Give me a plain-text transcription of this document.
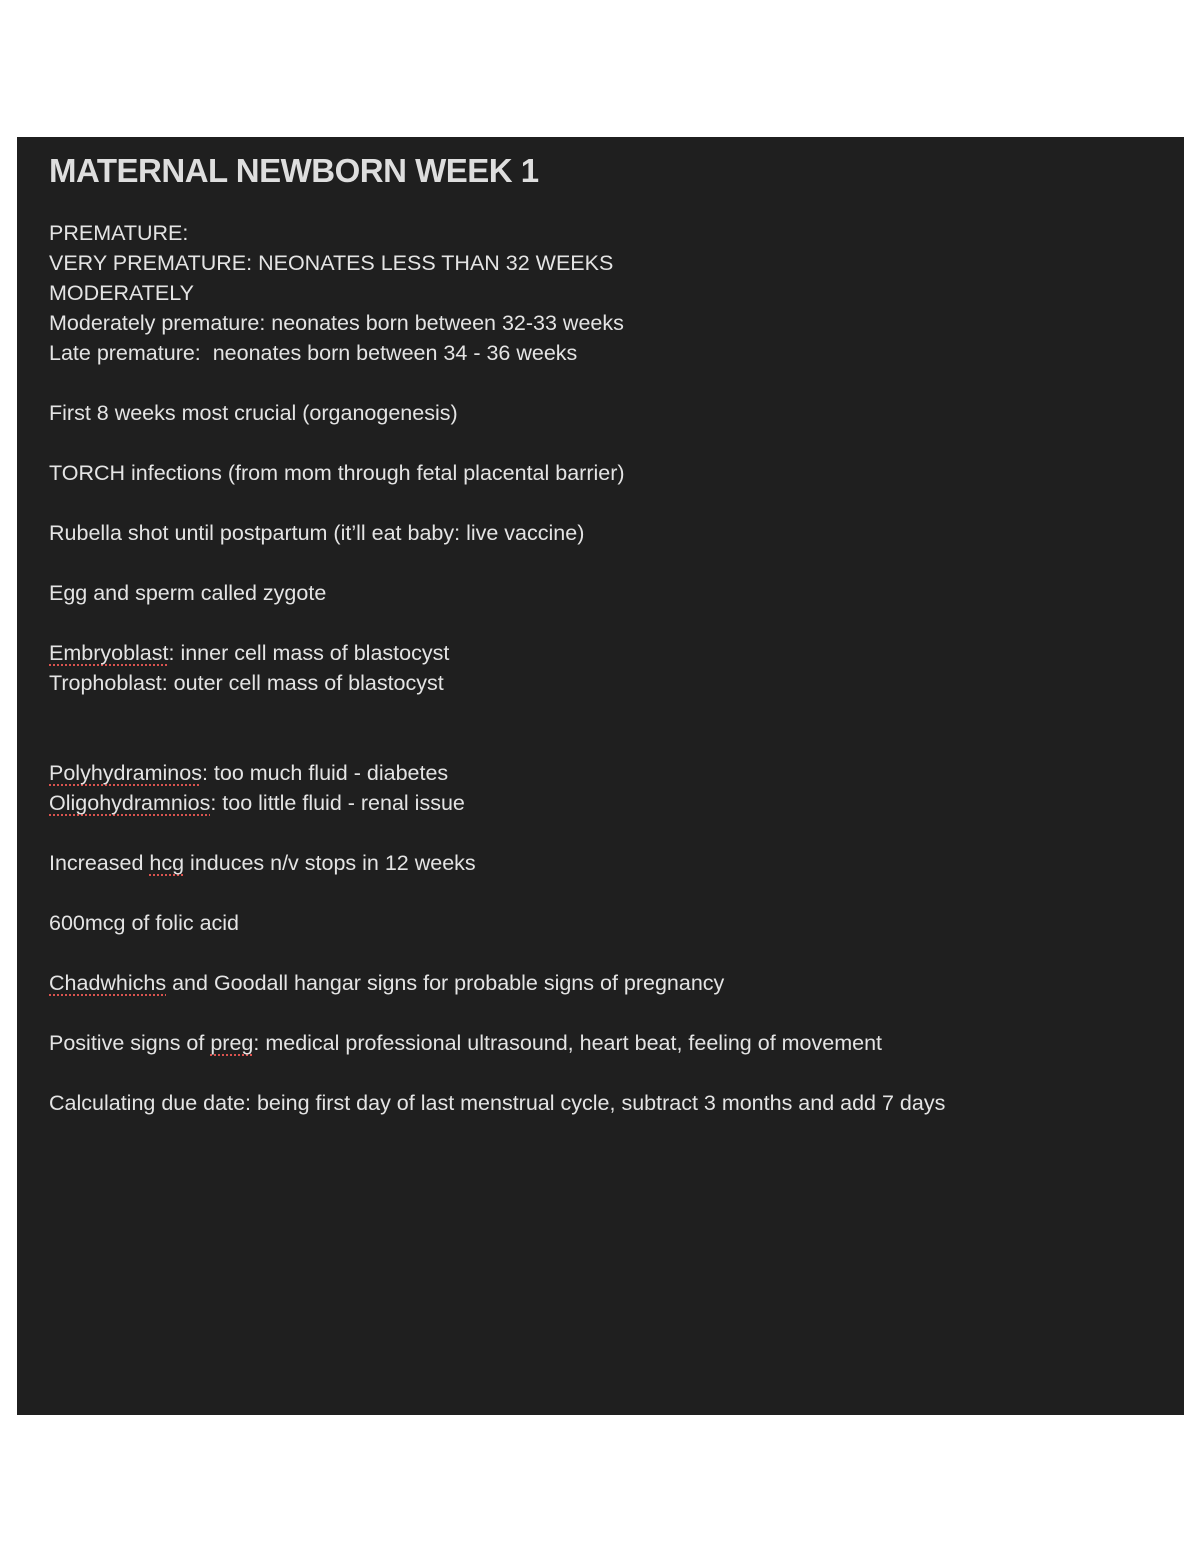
MATERNAL NEWBORN WEEK 1
PREMATURE:
VERY PREMATURE: NEONATES LESS THAN 32 WEEKS
MODERATELY
Moderately premature: neonates born between 32-33 weeks
Late premature:  neonates born between 34 - 36 weeks
First 8 weeks most crucial (organogenesis)
TORCH infections (from mom through fetal placental barrier)
Rubella shot until postpartum (it’ll eat baby: live vaccine)
Egg and sperm called zygote
Embryoblast: inner cell mass of blastocyst
Trophoblast: outer cell mass of blastocyst
Polyhydraminos: too much fluid - diabetes
Oligohydramnios: too little fluid - renal issue
Increased hcg induces n/v stops in 12 weeks
600mcg of folic acid
Chadwhichs and Goodall hangar signs for probable signs of pregnancy
Positive signs of preg: medical professional ultrasound, heart beat, feeling of movement
Calculating due date: being first day of last menstrual cycle, subtract 3 months and add 7 days
